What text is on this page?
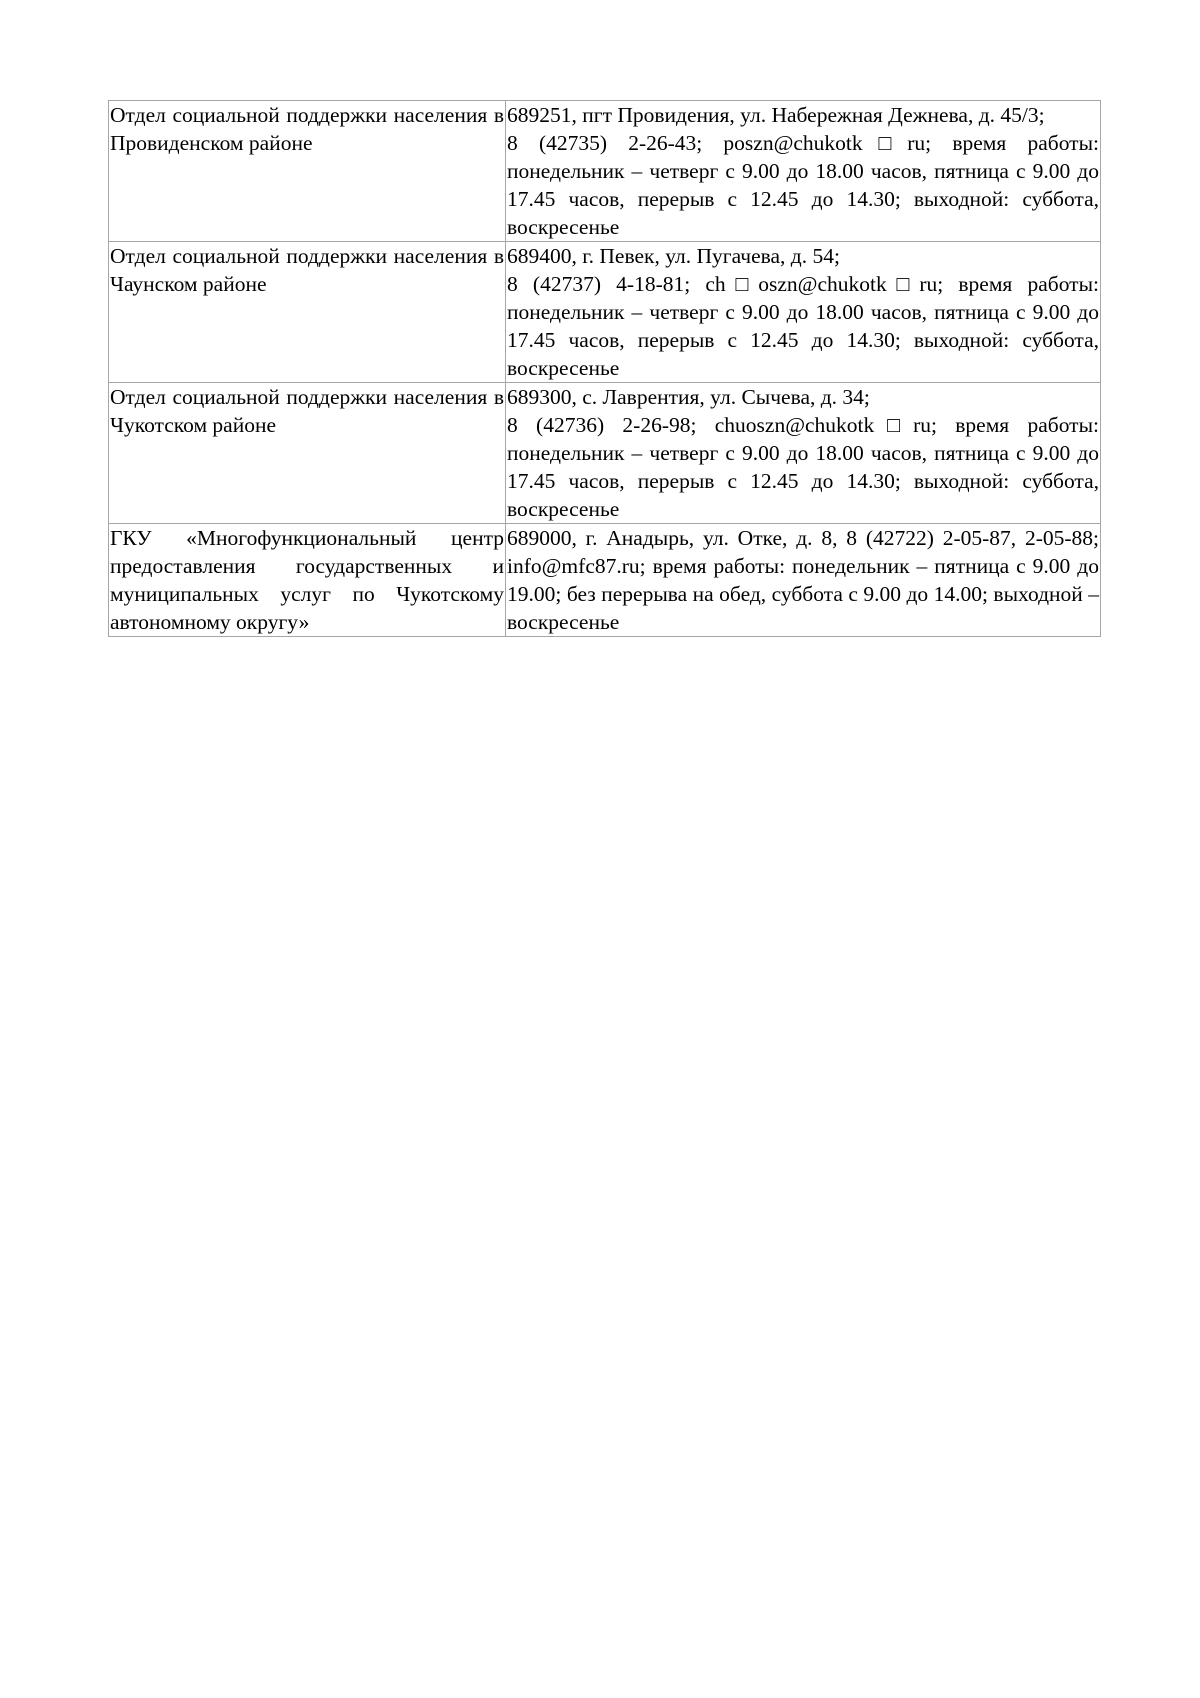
Отдел социальной поддержки населения в Провиденском районе	689251, пгт Провидения, ул. Набережная Дежнева, д. 45/3;
8 (42735) 2-26-43; poszn@chukotk□ru; время работы: понедельник – четверг с 9.00 до 18.00 часов, пятница с 9.00 до 17.45 часов, перерыв с 12.45 до 14.30; выходной: суббота, воскресенье

Отдел социальной поддержки населения в Чаунском районе	689400, г. Певек, ул. Пугачева, д. 54;
8 (42737) 4-18-81; ch□oszn@chukotk□ru; время работы: понедельник – четверг с 9.00 до 18.00 часов, пятница с 9.00 до 17.45 часов, перерыв с 12.45 до 14.30; выходной: суббота, воскресенье

Отдел социальной поддержки населения в Чукотском районе	689300, с. Лаврентия, ул. Сычева, д. 34;
8 (42736) 2-26-98; chuoszn@chukotk□ru; время работы: понедельник – четверг с 9.00 до 18.00 часов, пятница с 9.00 до 17.45 часов, перерыв с 12.45 до 14.30; выходной: суббота, воскресенье

ГКУ «Многофункциональный центр предоставления государственных и муниципальных услуг по Чукотскому автономному округу»	689000, г. Анадырь, ул. Отке, д. 8, 8 (42722) 2-05-87, 2-05-88; info@mfc87.ru; время работы: понедельник – пятница с 9.00 до 19.00; без перерыва на обед, суббота с 9.00 до 14.00; выходной – воскресенье
